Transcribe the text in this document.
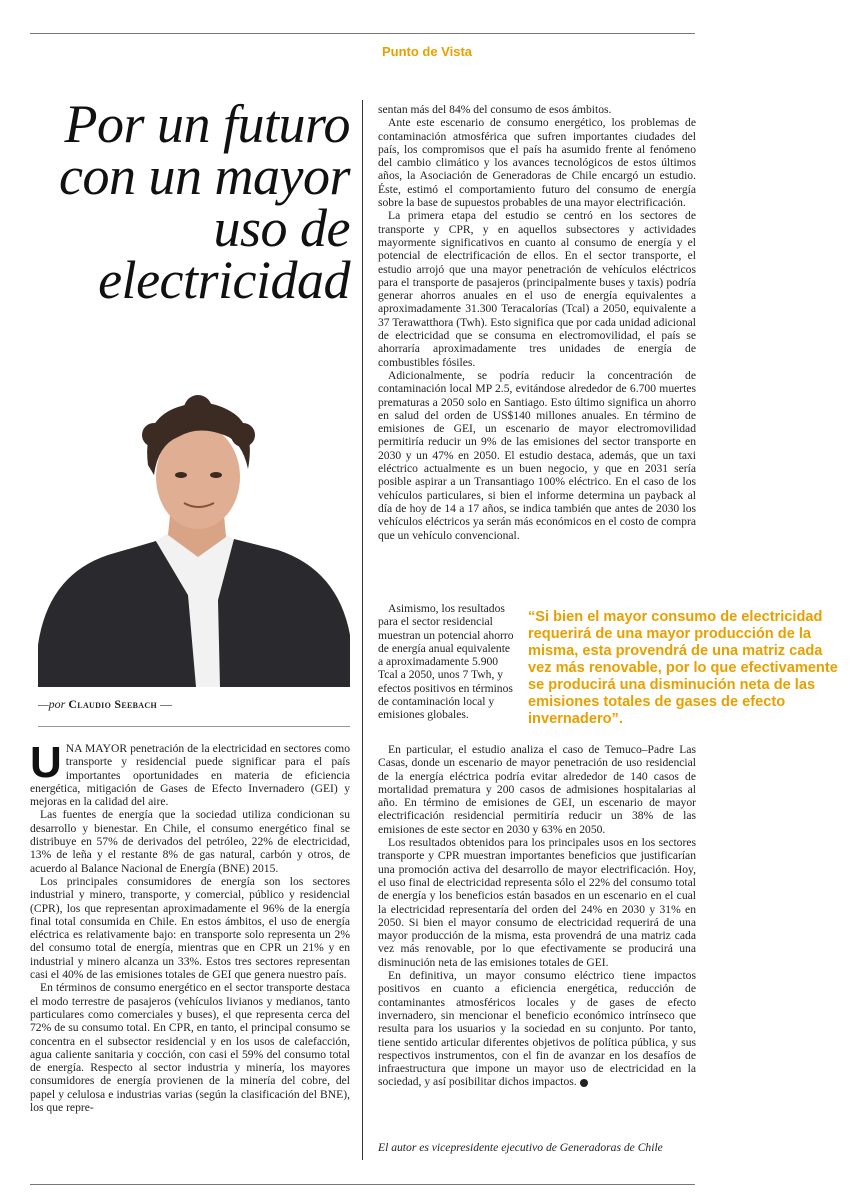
Punto de Vista
Por un futuro con un mayor uso de electricidad
—por Claudio Seebach —

UNA MAYOR penetración de la electricidad en sectores como transporte y residencial puede significar para el país importantes oportunidades en materia de eficiencia energética, mitigación de Gases de Efecto Invernadero (GEI) y mejoras en la calidad del aire.

Las fuentes de energía que la sociedad utiliza condicionan su desarrollo y bienestar. En Chile, el consumo energético final se distribuye en 57% de derivados del petróleo, 22% de electricidad, 13% de leña y el restante 8% de gas natural, carbón y otros, de acuerdo al Balance Nacional de Energía (BNE) 2015.

Los principales consumidores de energía son los sectores industrial y minero, transporte, y comercial, público y residencial (CPR), los que representan aproximadamente el 96% de la energía final total consumida en Chile. En estos ámbitos, el uso de energía eléctrica es relativamente bajo: en transporte solo representa un 2% del consumo total de energía, mientras que en CPR un 21% y en industrial y minero alcanza un 33%. Estos tres sectores representan casi el 40% de las emisiones totales de GEI que genera nuestro país.

En términos de consumo energético en el sector transporte destaca el modo terrestre de pasajeros (vehículos livianos y medianos, tanto particulares como comerciales y buses), el que representa cerca del 72% de su consumo total. En CPR, en tanto, el principal consumo se concentra en el subsector residencial y en los usos de calefacción, agua caliente sanitaria y cocción, con casi el 59% del consumo total de energía. Respecto al sector industria y minería, los mayores consumidores de energía provienen de la minería del cobre, del papel y celulosa e industrias varias (según la clasificación del BNE), los que repre-

sentan más del 84% del consumo de esos ámbitos.

Ante este escenario de consumo energético, los problemas de contaminación atmosférica que sufren importantes ciudades del país, los compromisos que el país ha asumido frente al fenómeno del cambio climático y los avances tecnológicos de estos últimos años, la Asociación de Generadoras de Chile encargó un estudio. Éste, estimó el comportamiento futuro del consumo de energía sobre la base de supuestos probables de una mayor electrificación.

La primera etapa del estudio se centró en los sectores de transporte y CPR, y en aquellos subsectores y actividades mayormente significativos en cuanto al consumo de energía y el potencial de electrificación de ellos. En el sector transporte, el estudio arrojó que una mayor penetración de vehículos eléctricos para el transporte de pasajeros (principalmente buses y taxis) podría generar ahorros anuales en el uso de energía equivalentes a aproximadamente 31.300 Teracalorías (Tcal) a 2050, equivalente a 37 Terawatthora (Twh). Esto significa que por cada unidad adicional de electricidad que se consuma en electromovilidad, el país se ahorraría aproximadamente tres unidades de energía de combustibles fósiles.

Adicionalmente, se podría reducir la concentración de contaminación local MP 2.5, evitándose alrededor de 6.700 muertes prematuras a 2050 solo en Santiago. Esto último significa un ahorro en salud del orden de US$140 millones anuales. En término de emisiones de GEI, un escenario de mayor electromovilidad permitiría reducir un 9% de las emisiones del sector transporte en 2030 y un 47% en 2050. El estudio destaca, además, que un taxi eléctrico actualmente es un buen negocio, y que en 2031 sería posible aspirar a un Transantiago 100% eléctrico. En el caso de los vehículos particulares, si bien el informe determina un payback al día de hoy de 14 a 17 años, se indica también que antes de 2030 los vehículos eléctricos ya serán más económicos en el costo de compra que un vehículo convencional.

Asimismo, los resultados para el sector residencial muestran un potencial ahorro de energía anual equivalente a aproximadamente 5.900 Tcal a 2050, unos 7 Twh, y efectos positivos en términos de contaminación local y emisiones globales.

“Si bien el mayor consumo de electricidad requerirá de una mayor producción de la misma, esta provendrá de una matriz cada vez más renovable, por lo que efectivamente se producirá una disminución neta de las emisiones totales de gases de efecto invernadero”.

En particular, el estudio analiza el caso de Temuco–Padre Las Casas, donde un escenario de mayor penetración de uso residencial de la energía eléctrica podría evitar alrededor de 140 casos de mortalidad prematura y 200 casos de admisiones hospitalarias al año. En término de emisiones de GEI, un escenario de mayor electrificación residencial permitiría reducir un 38% de las emisiones de este sector en 2030 y 63% en 2050.

Los resultados obtenidos para los principales usos en los sectores transporte y CPR muestran importantes beneficios que justificarían una promoción activa del desarrollo de mayor electrificación. Hoy, el uso final de electricidad representa sólo el 22% del consumo total de energía y los beneficios están basados en un escenario en el cual la electricidad representaría del orden del 24% en 2030 y 31% en 2050. Si bien el mayor consumo de electricidad requerirá de una mayor producción de la misma, esta provendrá de una matriz cada vez más renovable, por lo que efectivamente se producirá una disminución neta de las emisiones totales de GEI.

En definitiva, un mayor consumo eléctrico tiene impactos positivos en cuanto a eficiencia energética, reducción de contaminantes atmosféricos locales y de gases de efecto invernadero, sin mencionar el beneficio económico intrínseco que resulta para los usuarios y la sociedad en su conjunto. Por tanto, tiene sentido articular diferentes objetivos de política pública, y sus respectivos instrumentos, con el fin de avanzar en los desafíos de infraestructura que impone un mayor uso de electricidad en la sociedad, y así posibilitar dichos impactos.

El autor es vicepresidente ejecutivo de Generadoras de Chile
